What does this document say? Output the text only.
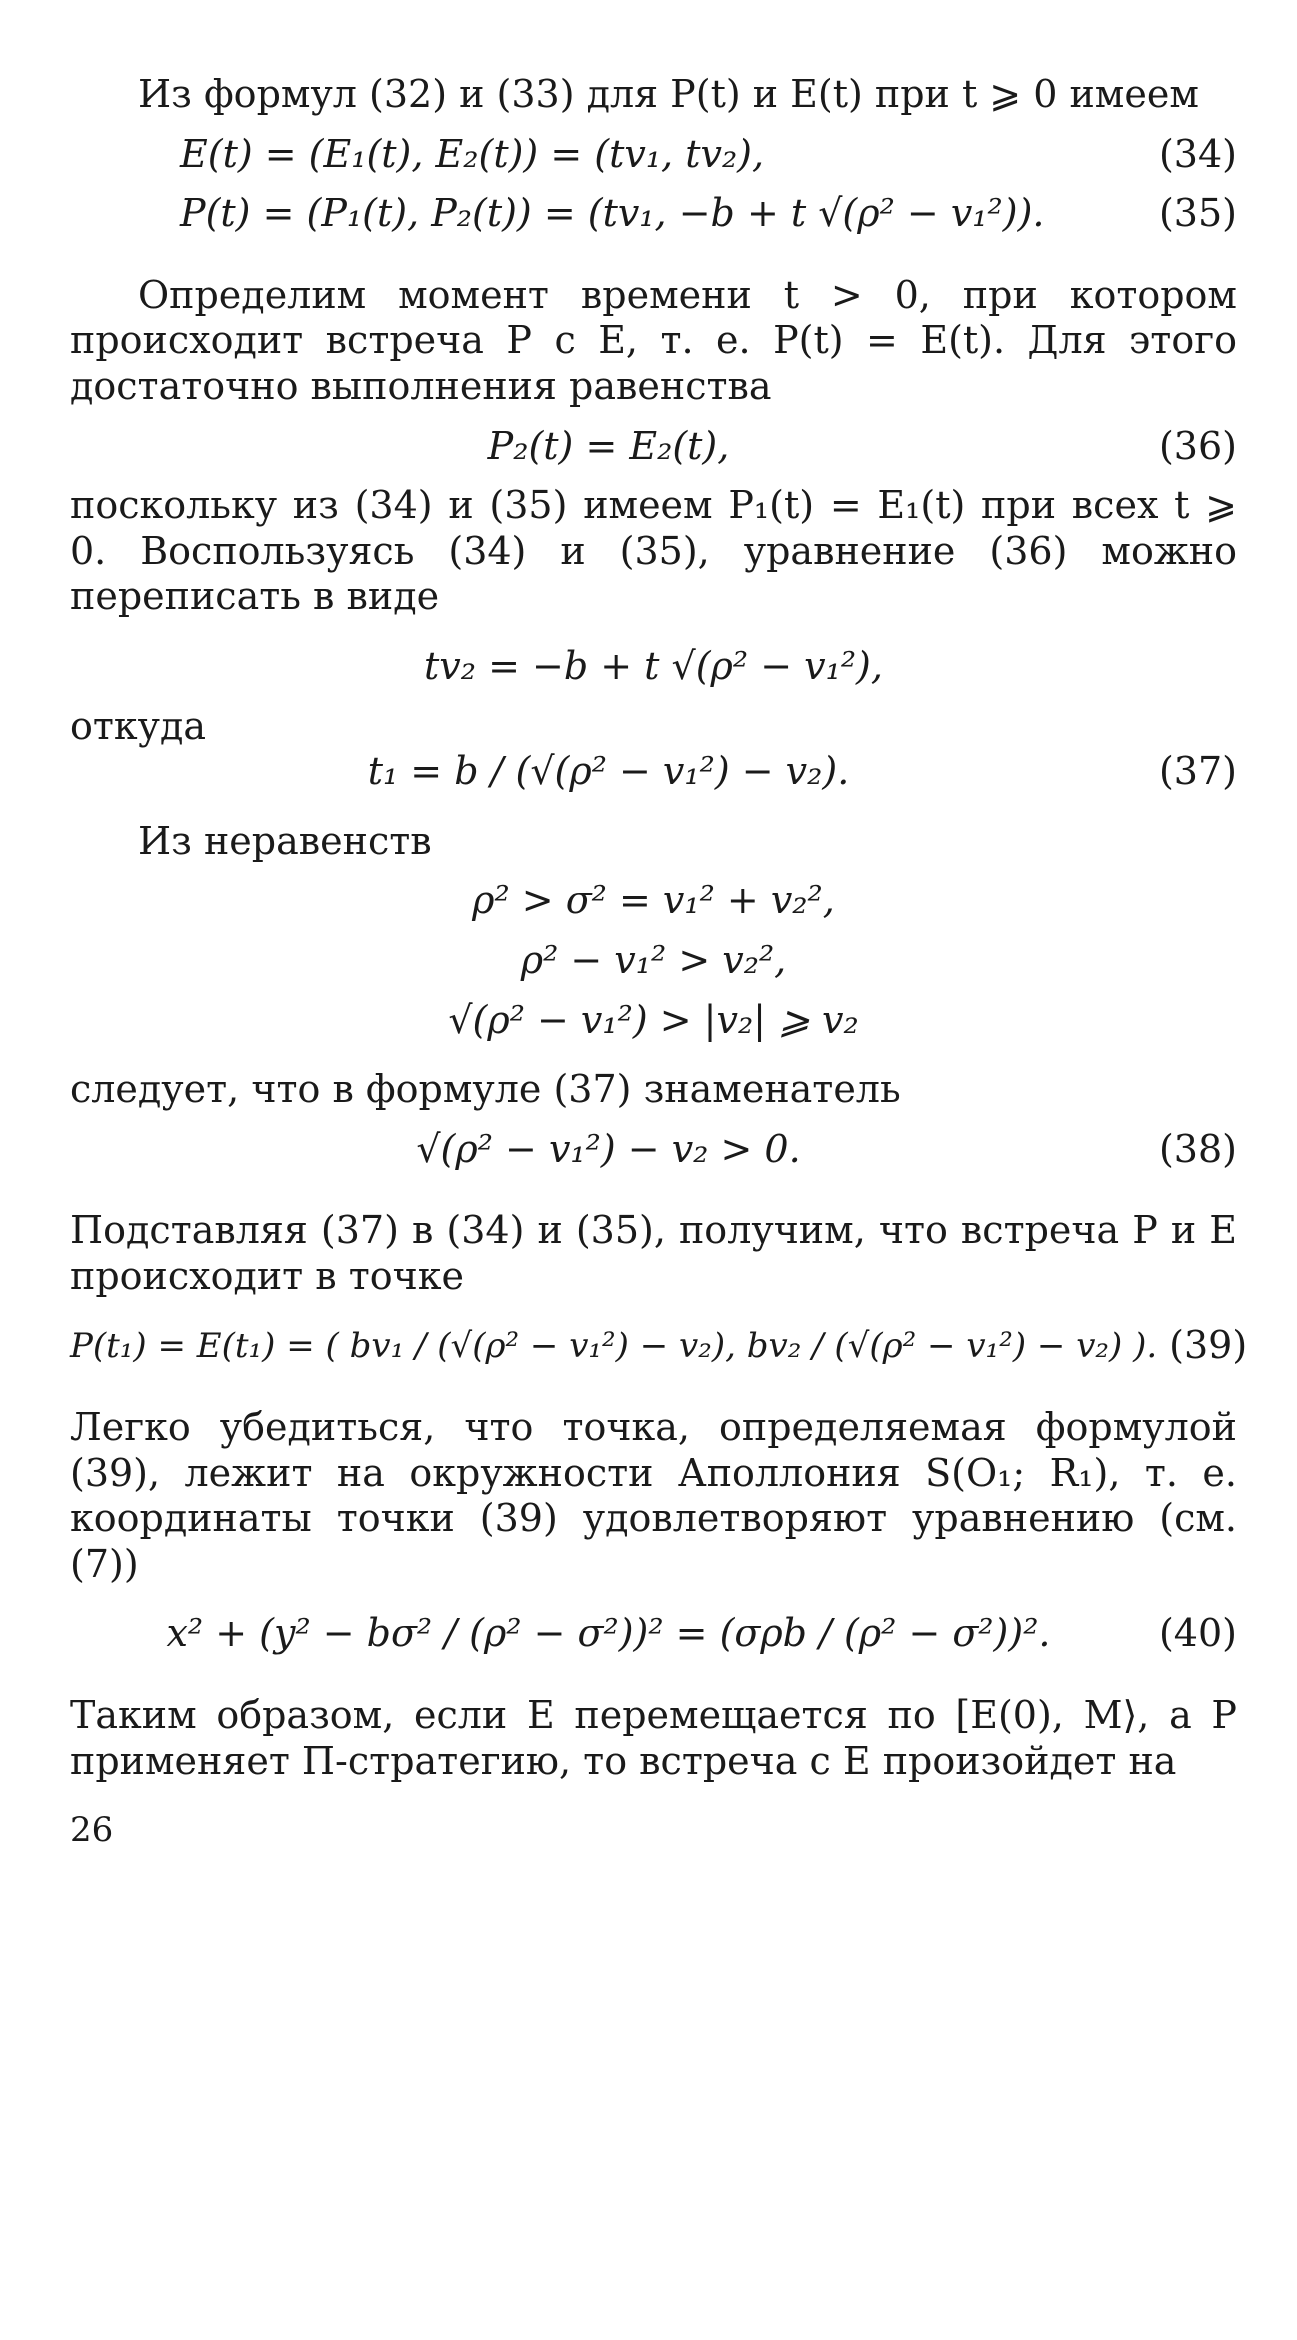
Из формул (32) и (33) для P(t) и E(t) при t ⩾ 0 имеем

E(t) = (E₁(t), E₂(t)) = (tv₁, tv₂),	(34)
P(t) = (P₁(t), P₂(t)) = (tv₁, −b + t √(ρ² − v₁²)).	(35)

Определим момент времени t > 0, при котором происходит встреча P с E, т. е. P(t) = E(t). Для этого достаточно выполнения равенства

P₂(t) = E₂(t),	(36)

поскольку из (34) и (35) имеем P₁(t) = E₁(t) при всех t ⩾ 0. Воспользуясь (34) и (35), уравнение (36) можно переписать в виде

tv₂ = −b + t √(ρ² − v₁²),

откуда

t₁ = b / (√(ρ² − v₁²) − v₂).	(37)

Из неравенств

ρ² > σ² = v₁² + v₂²,
ρ² − v₁² > v₂²,
√(ρ² − v₁²) > |v₂| ⩾ v₂

следует, что в формуле (37) знаменатель

√(ρ² − v₁²) − v₂ > 0.	(38)

Подставляя (37) в (34) и (35), получим, что встреча P и E происходит в точке

P(t₁) = E(t₁) = ( bv₁ / (√(ρ² − v₁²) − v₂), bv₂ / (√(ρ² − v₁²) − v₂) ). (39)

Легко убедиться, что точка, определяемая формулой (39), лежит на окружности Аполлония S(O₁; R₁), т. е. координаты точки (39) удовлетворяют уравнению (см. (7))

x² + (y² − bσ² / (ρ² − σ²))² = (σρb / (ρ² − σ²))².	(40)

Таким образом, если E перемещается по [E(0), M⟩, а P применяет П-стратегию, то встреча с E произойдет на

26
